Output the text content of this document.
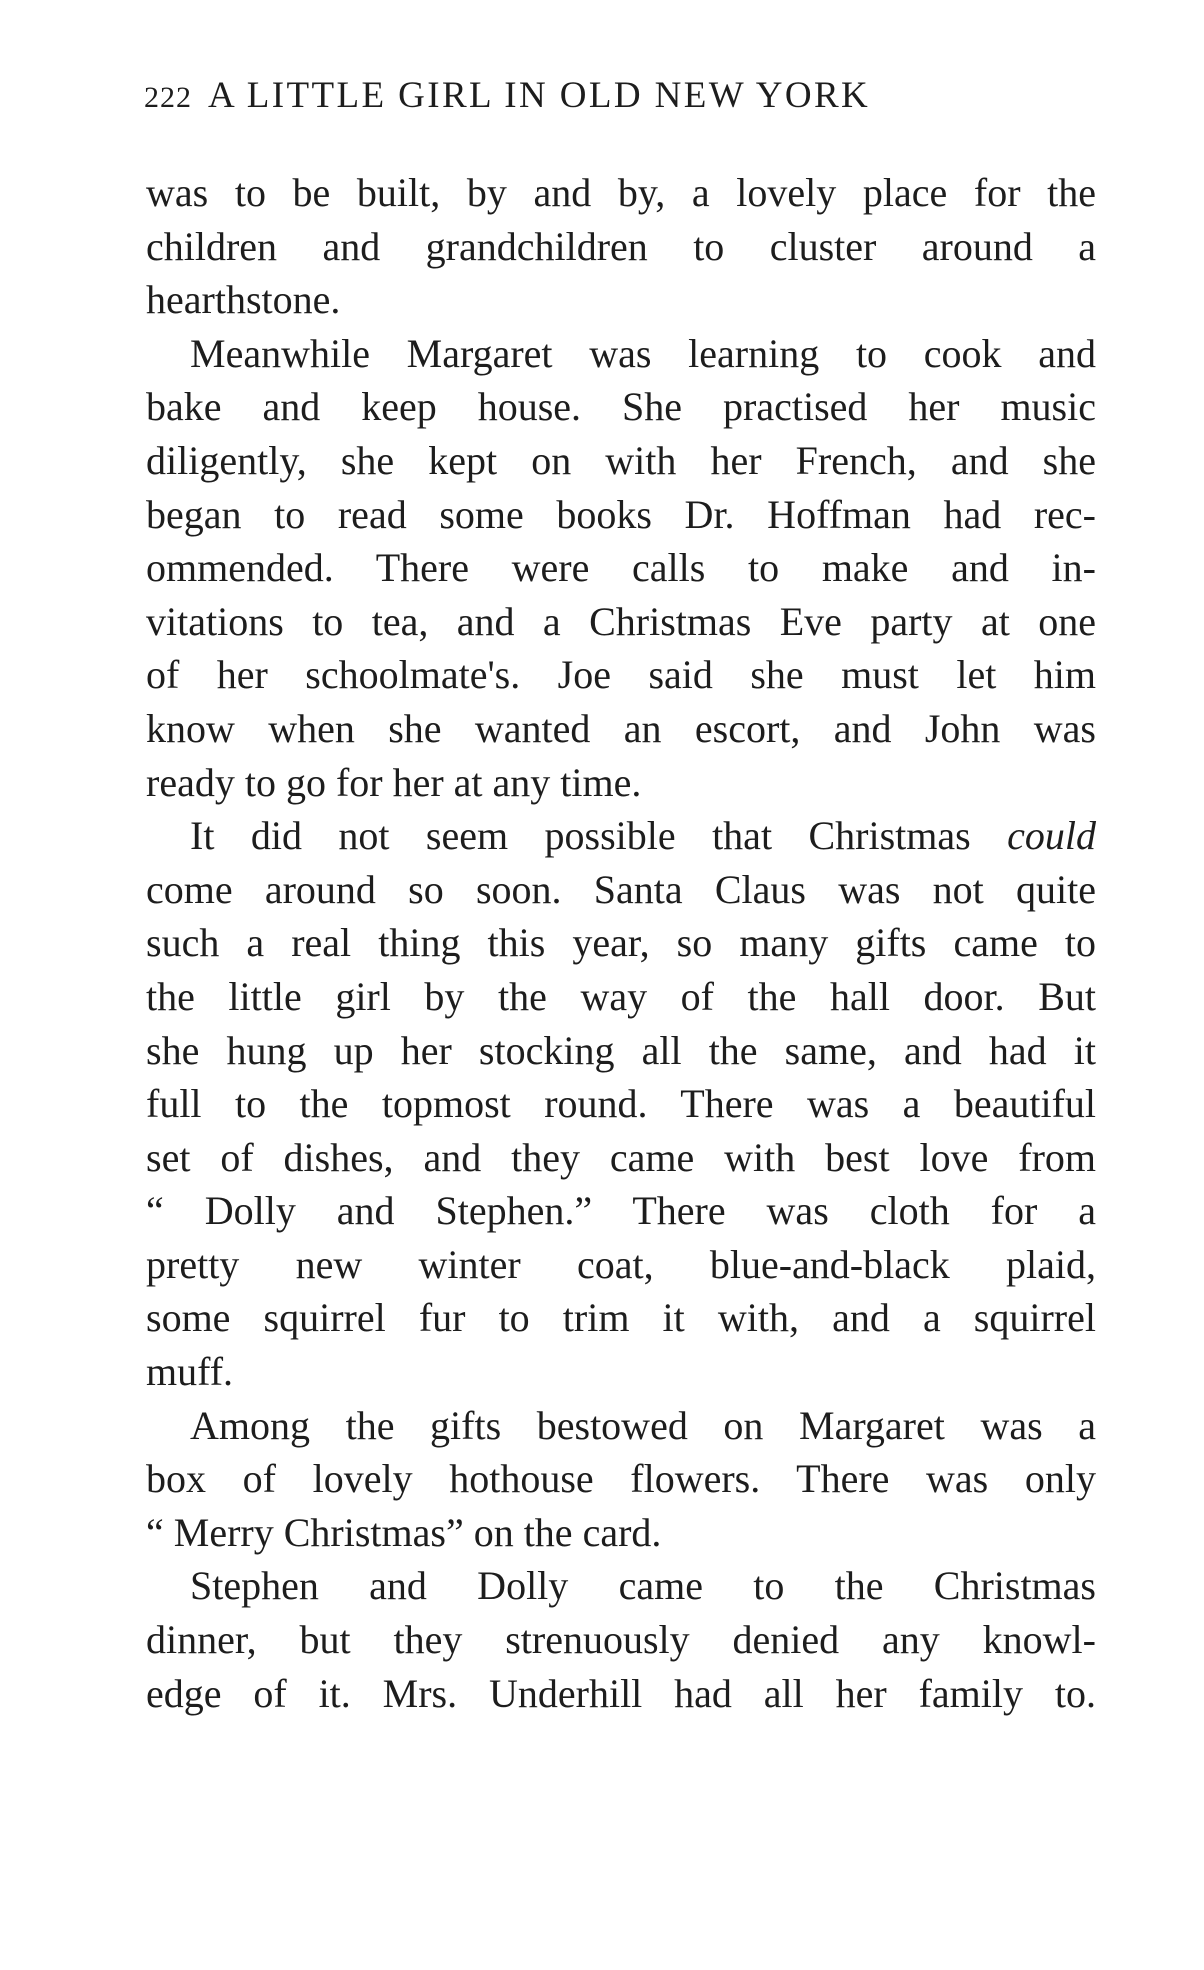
222 A LITTLE GIRL IN OLD NEW YORK
was to be built, by and by, a lovely place for the
children and grandchildren to cluster around a
hearthstone.
Meanwhile Margaret was learning to cook and
bake and keep house. She practised her music
diligently, she kept on with her French, and she
began to read some books Dr. Hoffman had rec-
ommended. There were calls to make and in-
vitations to tea, and a Christmas Eve party at one
of her schoolmate's. Joe said she must let him
know when she wanted an escort, and John was
ready to go for her at any time.
It did not seem possible that Christmas could
come around so soon. Santa Claus was not quite
such a real thing this year, so many gifts came to
the little girl by the way of the hall door. But
she hung up her stocking all the same, and had it
full to the topmost round. There was a beautiful
set of dishes, and they came with best love from
“ Dolly and Stephen.” There was cloth for a
pretty new winter coat, blue-and-black plaid,
some squirrel fur to trim it with, and a squirrel
muff.
Among the gifts bestowed on Margaret was a
box of lovely hothouse flowers. There was only
“ Merry Christmas” on the card.
Stephen and Dolly came to the Christmas
dinner, but they strenuously denied any knowl-
edge of it. Mrs. Underhill had all her family to.
